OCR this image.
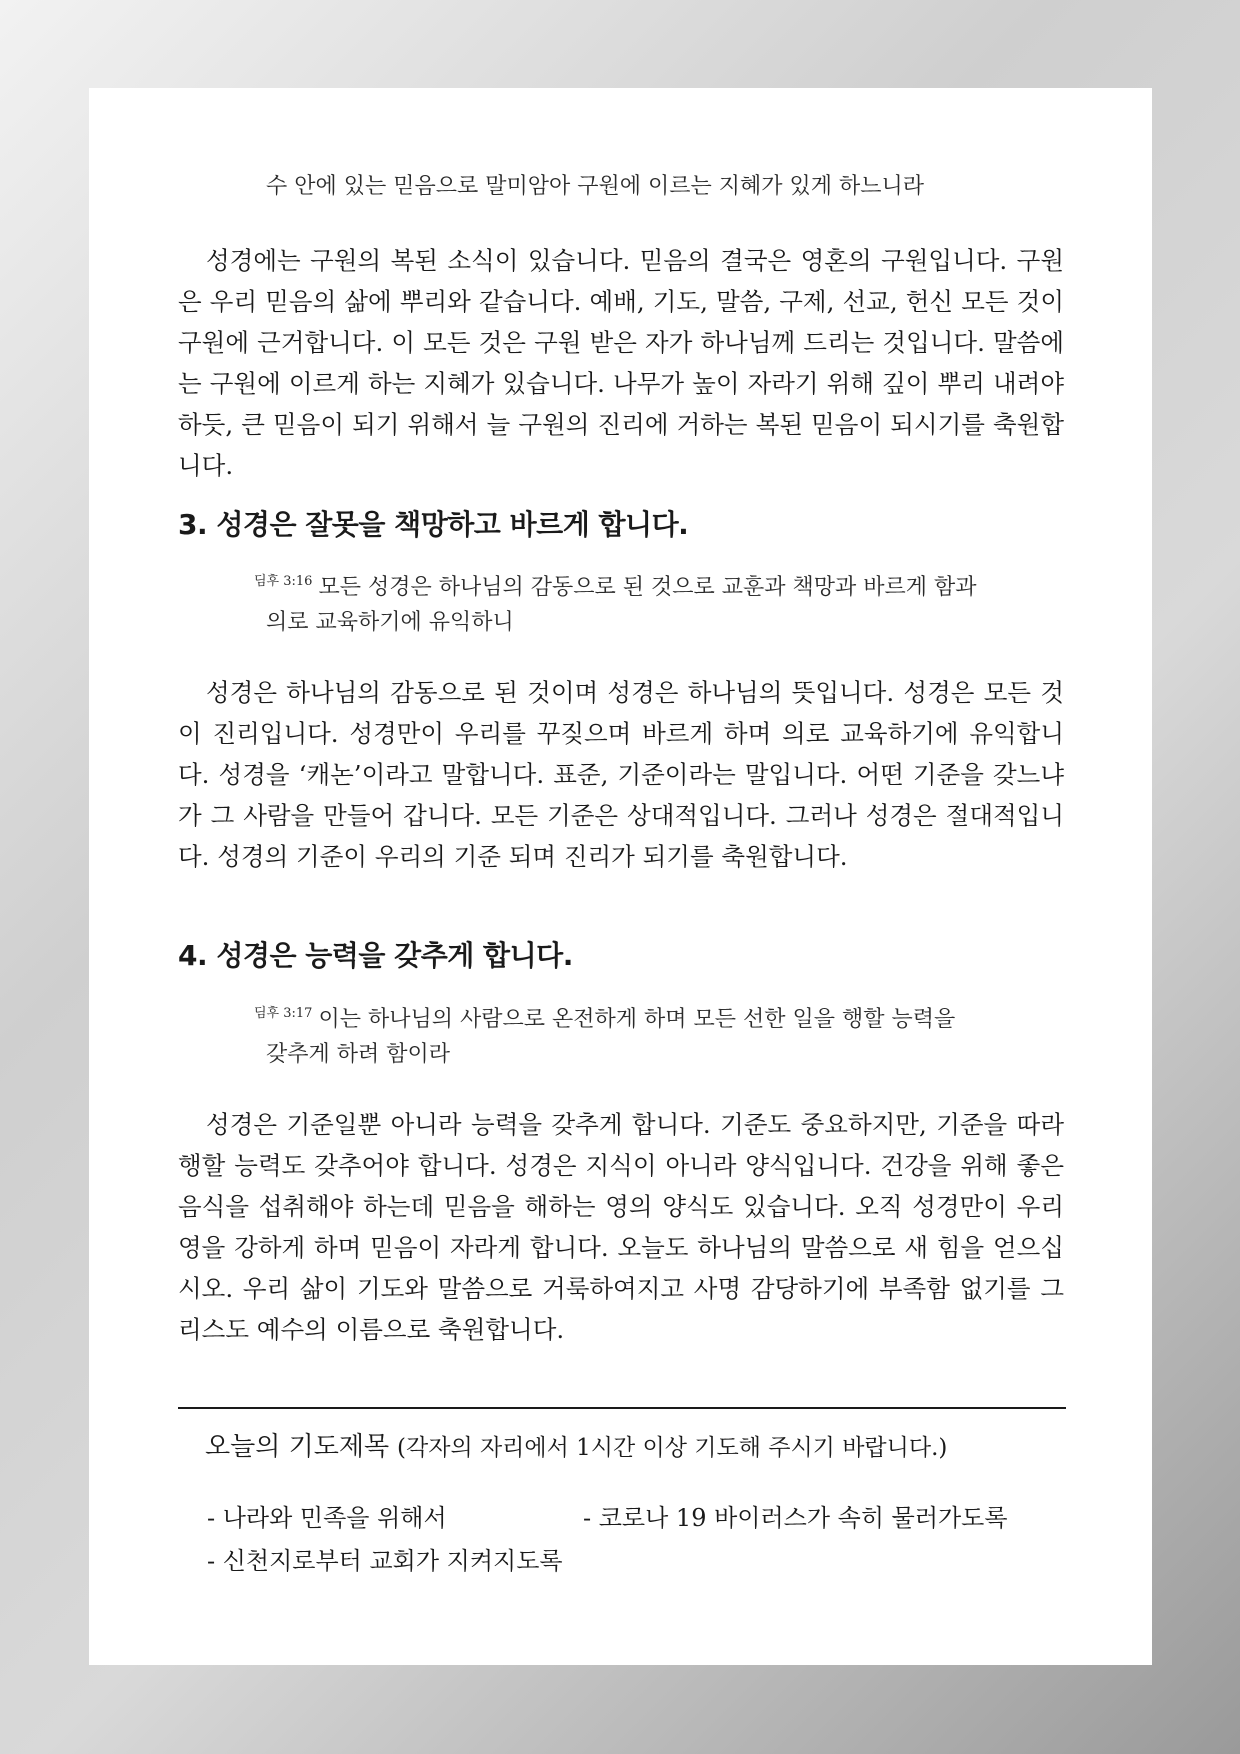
수 안에 있는 믿음으로 말미암아 구원에 이르는 지혜가 있게 하느니라

성경에는 구원의 복된 소식이 있습니다. 믿음의 결국은 영혼의 구원입니다. 구원은 우리 믿음의 삶에 뿌리와 같습니다. 예배, 기도, 말씀, 구제, 선교, 헌신 모든 것이 구원에 근거합니다. 이 모든 것은 구원 받은 자가 하나님께 드리는 것입니다. 말씀에는 구원에 이르게 하는 지혜가 있습니다. 나무가 높이 자라기 위해 깊이 뿌리 내려야 하듯, 큰 믿음이 되기 위해서 늘 구원의 진리에 거하는 복된 믿음이 되시기를 축원합니다.

3. 성경은 잘못을 책망하고 바르게 합니다.
$^{딤후 3:16}$ 모든 성경은 하나님의 감동으로 된 것으로 교훈과 책망과 바르게 함과
의로 교육하기에 유익하니

성경은 하나님의 감동으로 된 것이며 성경은 하나님의 뜻입니다. 성경은 모든 것이 진리입니다. 성경만이 우리를 꾸짖으며 바르게 하며 의로 교육하기에 유익합니다. 성경을 ‘캐논’이라고 말합니다. 표준, 기준이라는 말입니다. 어떤 기준을 갖느냐가 그 사람을 만들어 갑니다. 모든 기준은 상대적입니다. 그러나 성경은 절대적입니다. 성경의 기준이 우리의 기준 되며 진리가 되기를 축원합니다.

4. 성경은 능력을 갖추게 합니다.
$^{딤후 3:17}$ 이는 하나님의 사람으로 온전하게 하며 모든 선한 일을 행할 능력을
갖추게 하려 함이라

성경은 기준일뿐 아니라 능력을 갖추게 합니다. 기준도 중요하지만, 기준을 따라 행할 능력도 갖추어야 합니다. 성경은 지식이 아니라 양식입니다. 건강을 위해 좋은 음식을 섭취해야 하는데 믿음을 해하는 영의 양식도 있습니다. 오직 성경만이 우리 영을 강하게 하며 믿음이 자라게 합니다. 오늘도 하나님의 말씀으로 새 힘을 얻으십시오. 우리 삶이 기도와 말씀으로 거룩하여지고 사명 감당하기에 부족함 없기를 그리스도 예수의 이름으로 축원합니다.

오늘의 기도제목 (각자의 자리에서 1시간 이상 기도해 주시기 바랍니다.)
- 나라와 민족을 위해서	- 코로나 19 바이러스가 속히 물러가도록
- 신천지로부터 교회가 지켜지도록
